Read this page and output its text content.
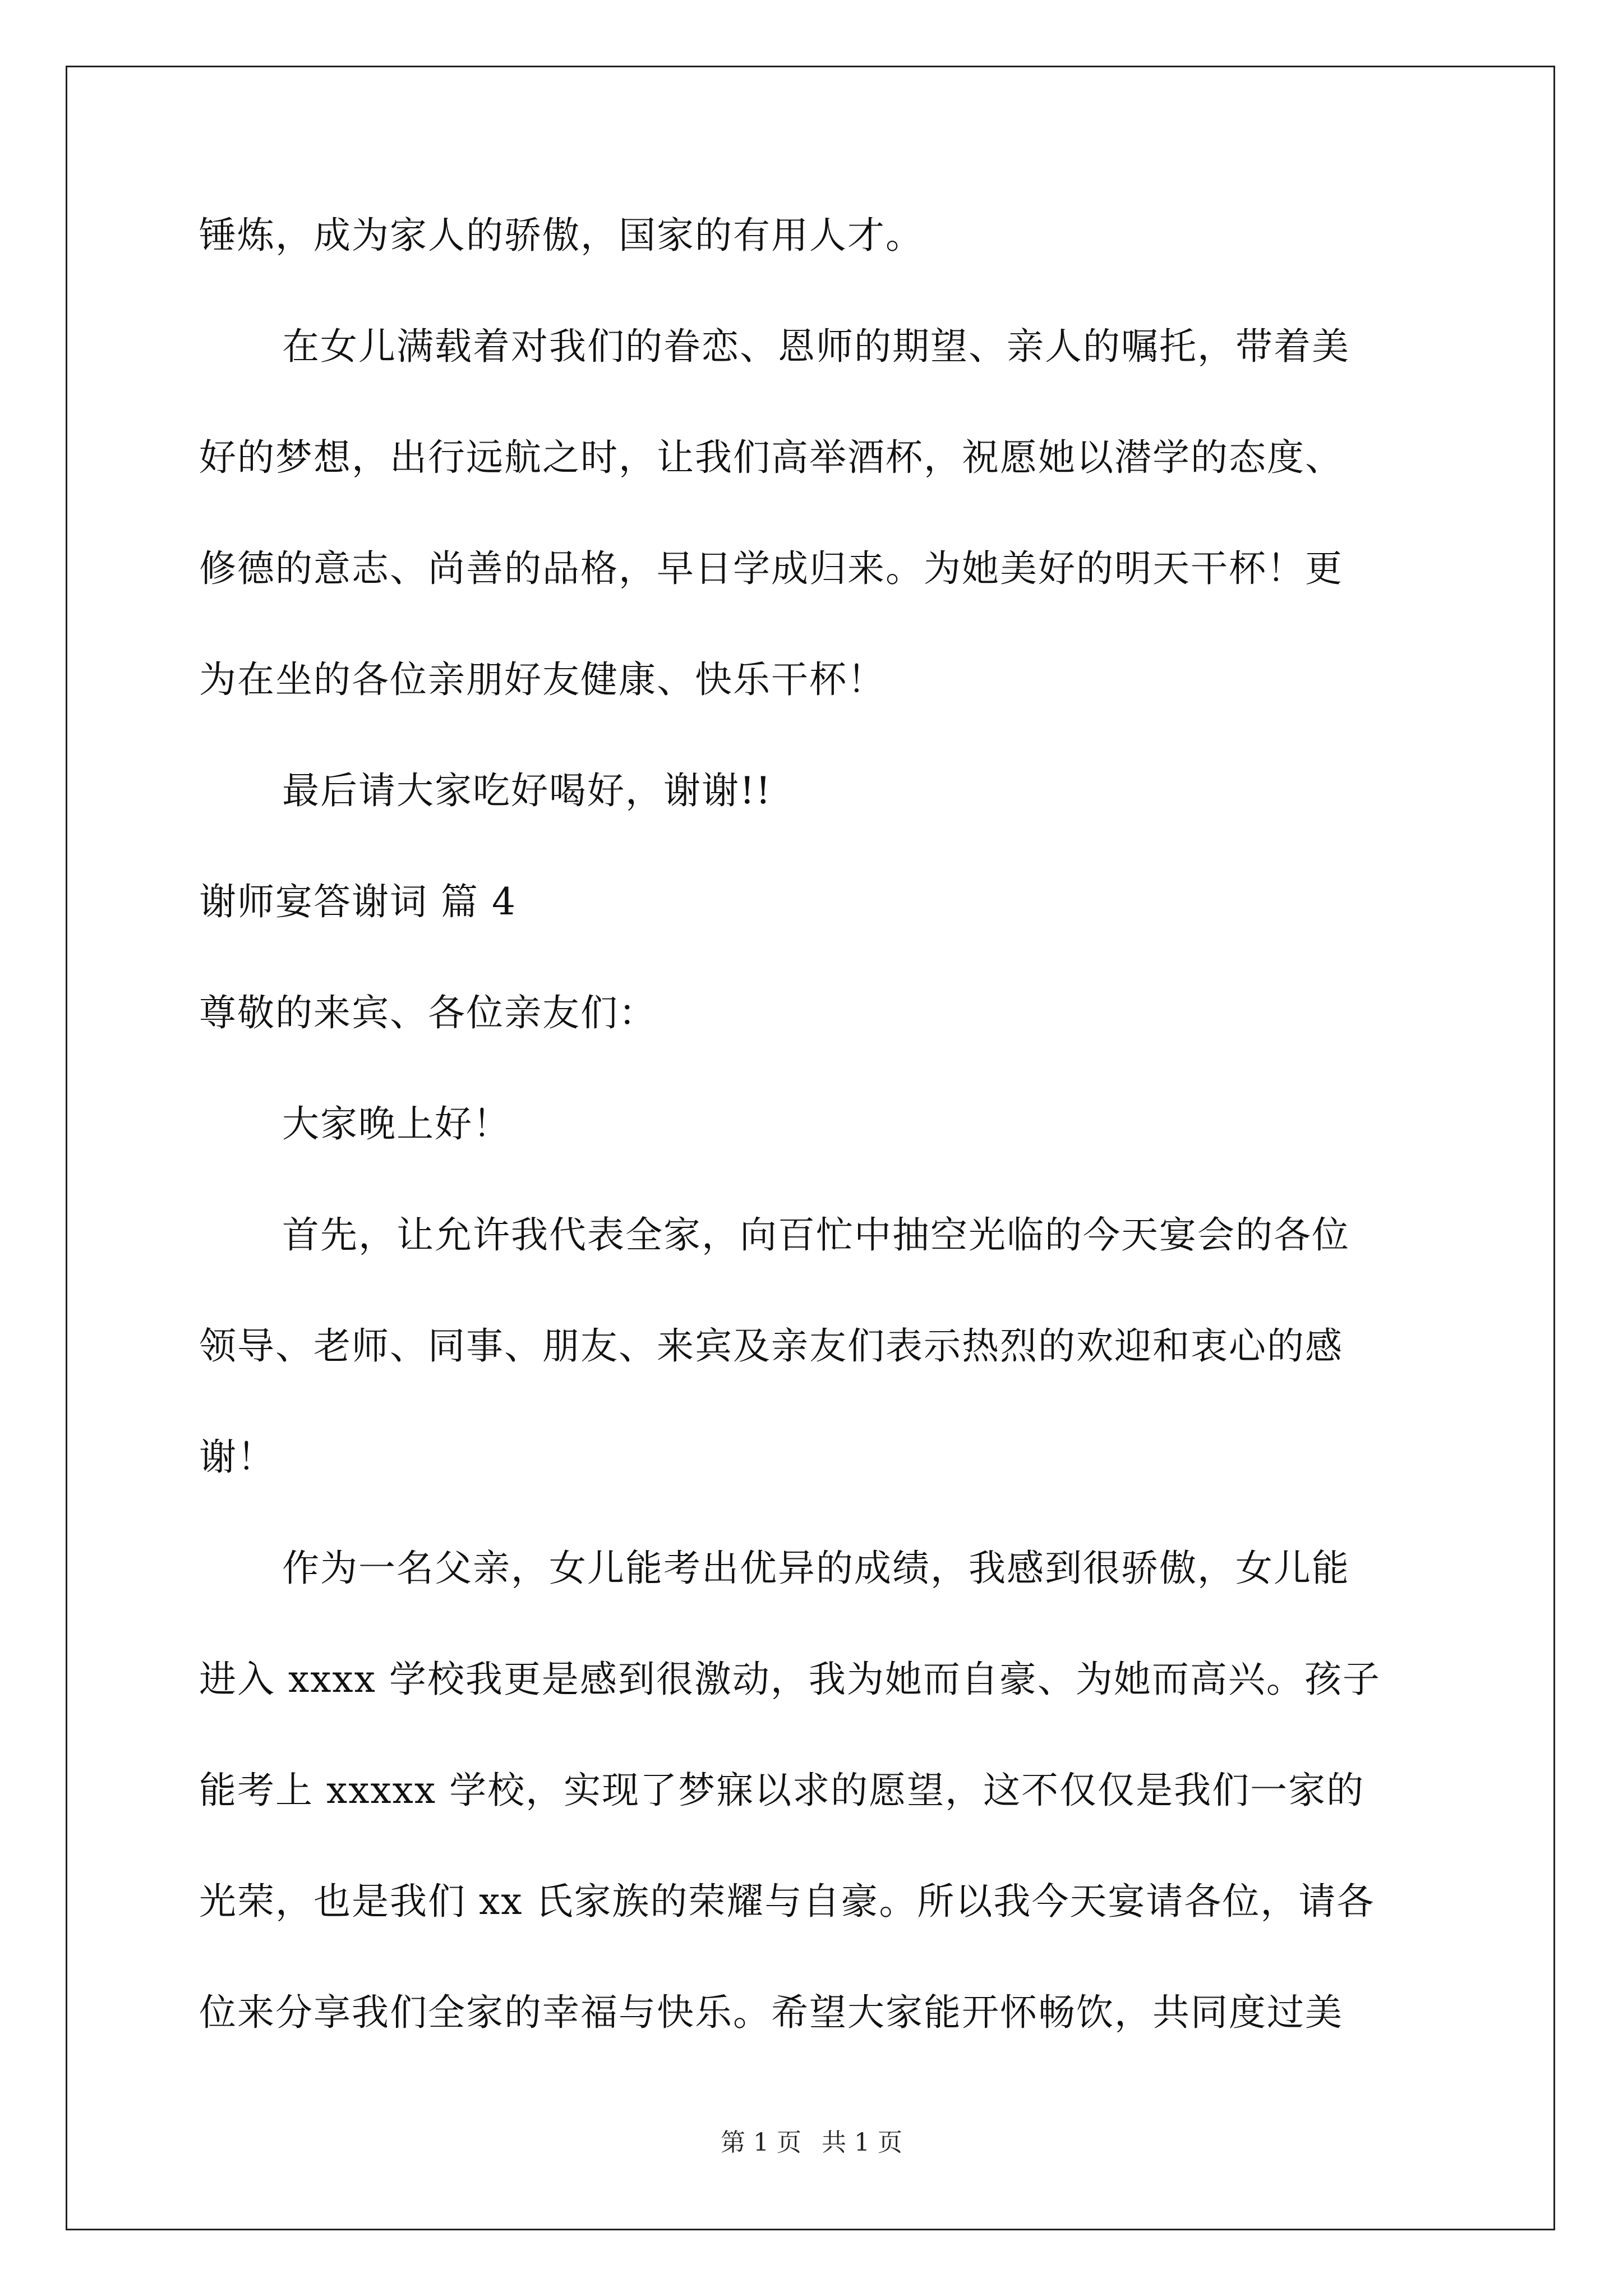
锤炼，成为家人的骄傲，国家的有用人才。
在女儿满载着对我们的眷恋、恩师的期望、亲人的嘱托，带着美
好的梦想，出行远航之时，让我们高举酒杯，祝愿她以潜学的态度、
修德的意志、尚善的品格，早日学成归来。为她美好的明天干杯！更
为在坐的各位亲朋好友健康、快乐干杯！
最后请大家吃好喝好，谢谢!!
谢师宴答谢词 篇 4
尊敬的来宾、各位亲友们：
大家晚上好！
首先，让允许我代表全家，向百忙中抽空光临的今天宴会的各位
领导、老师、同事、朋友、来宾及亲友们表示热烈的欢迎和衷心的感
谢！
作为一名父亲，女儿能考出优异的成绩，我感到很骄傲，女儿能
进入 xxxx 学校我更是感到很激动，我为她而自豪、为她而高兴。孩子
能考上 xxxxx 学校，实现了梦寐以求的愿望，这不仅仅是我们一家的
光荣，也是我们 xx 氏家族的荣耀与自豪。所以我今天宴请各位，请各
位来分享我们全家的幸福与快乐。希望大家能开怀畅饮，共同度过美
第 1 页 共 1 页
